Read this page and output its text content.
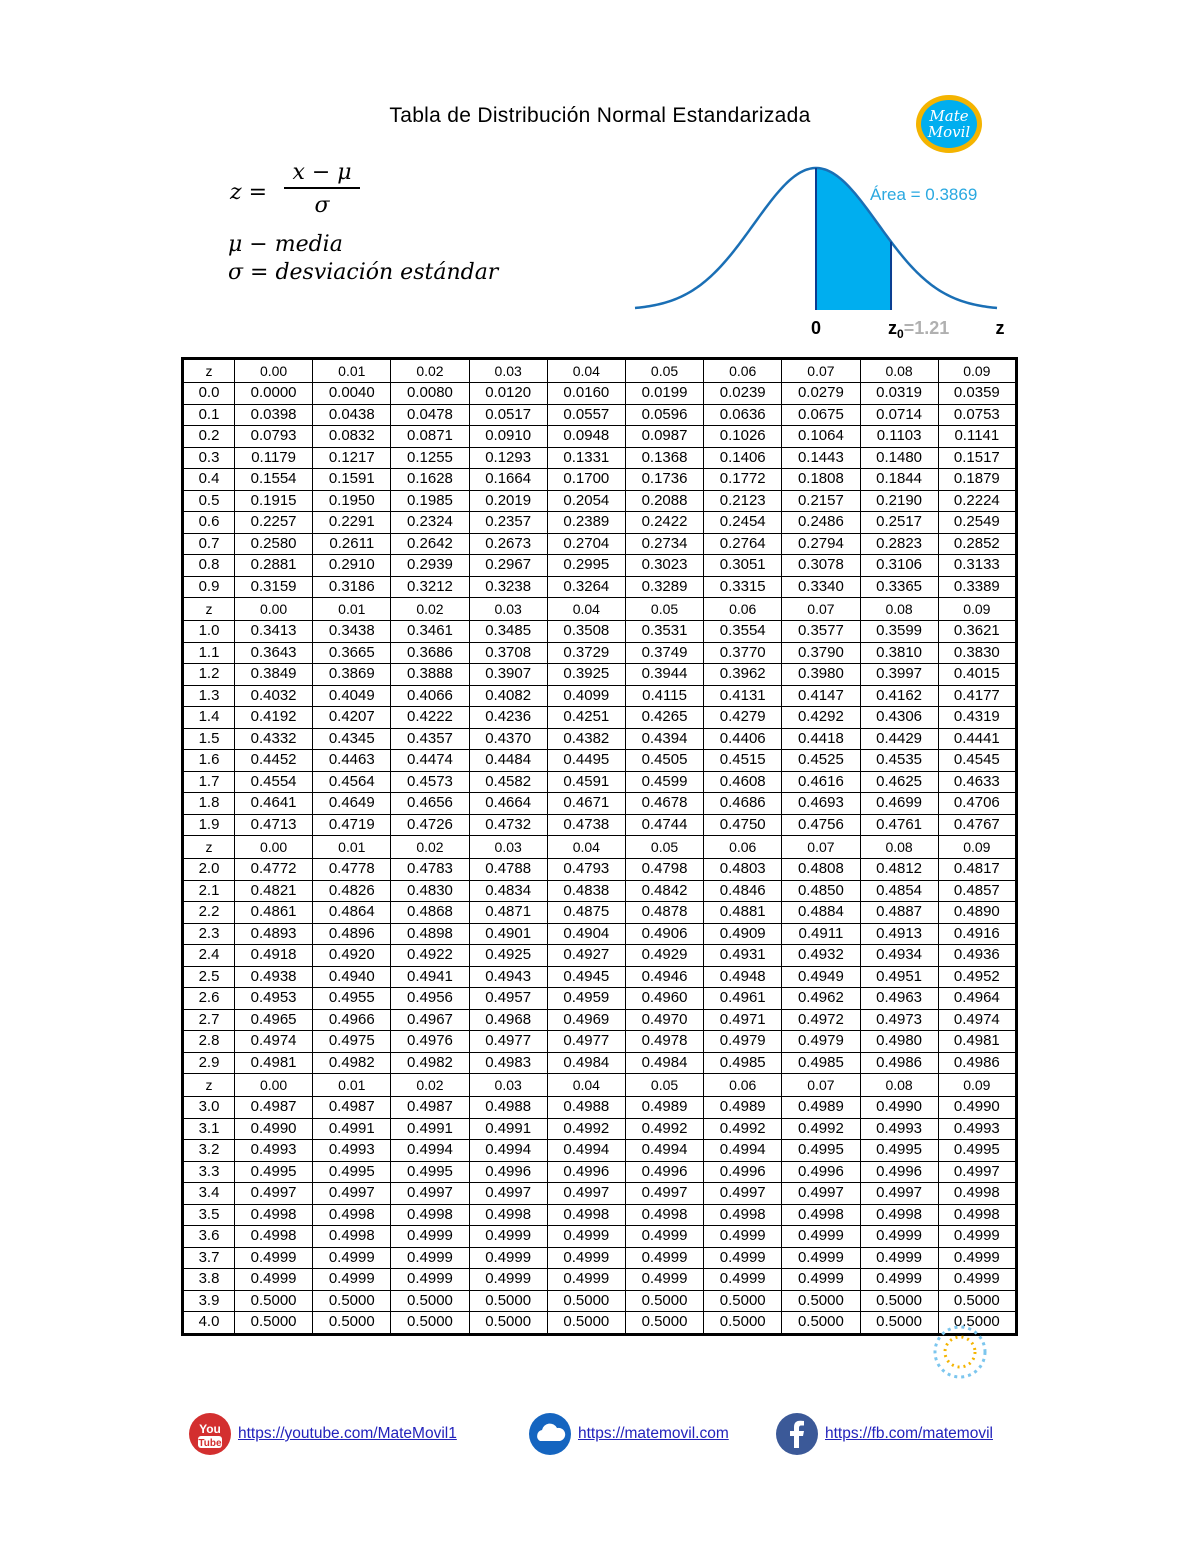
Tabla de Distribución Normal Estandarizada	Mate
Movil
z =
x − μ
σ
μ − media
σ = desviación estándar
Área = 0.3869
0	$z_0=1.21$	z
z	0.00	0.01	0.02	0.03	0.04	0.05	0.06	0.07	0.08	0.09
0.0	0.0000	0.0040	0.0080	0.0120	0.0160	0.0199	0.0239	0.0279	0.0319	0.0359
0.1	0.0398	0.0438	0.0478	0.0517	0.0557	0.0596	0.0636	0.0675	0.0714	0.0753
0.2	0.0793	0.0832	0.0871	0.0910	0.0948	0.0987	0.1026	0.1064	0.1103	0.1141
0.3	0.1179	0.1217	0.1255	0.1293	0.1331	0.1368	0.1406	0.1443	0.1480	0.1517
0.4	0.1554	0.1591	0.1628	0.1664	0.1700	0.1736	0.1772	0.1808	0.1844	0.1879
0.5	0.1915	0.1950	0.1985	0.2019	0.2054	0.2088	0.2123	0.2157	0.2190	0.2224
0.6	0.2257	0.2291	0.2324	0.2357	0.2389	0.2422	0.2454	0.2486	0.2517	0.2549
0.7	0.2580	0.2611	0.2642	0.2673	0.2704	0.2734	0.2764	0.2794	0.2823	0.2852
0.8	0.2881	0.2910	0.2939	0.2967	0.2995	0.3023	0.3051	0.3078	0.3106	0.3133
0.9	0.3159	0.3186	0.3212	0.3238	0.3264	0.3289	0.3315	0.3340	0.3365	0.3389
z	0.00	0.01	0.02	0.03	0.04	0.05	0.06	0.07	0.08	0.09
1.0	0.3413	0.3438	0.3461	0.3485	0.3508	0.3531	0.3554	0.3577	0.3599	0.3621
1.1	0.3643	0.3665	0.3686	0.3708	0.3729	0.3749	0.3770	0.3790	0.3810	0.3830
1.2	0.3849	0.3869	0.3888	0.3907	0.3925	0.3944	0.3962	0.3980	0.3997	0.4015
1.3	0.4032	0.4049	0.4066	0.4082	0.4099	0.4115	0.4131	0.4147	0.4162	0.4177
1.4	0.4192	0.4207	0.4222	0.4236	0.4251	0.4265	0.4279	0.4292	0.4306	0.4319
1.5	0.4332	0.4345	0.4357	0.4370	0.4382	0.4394	0.4406	0.4418	0.4429	0.4441
1.6	0.4452	0.4463	0.4474	0.4484	0.4495	0.4505	0.4515	0.4525	0.4535	0.4545
1.7	0.4554	0.4564	0.4573	0.4582	0.4591	0.4599	0.4608	0.4616	0.4625	0.4633
1.8	0.4641	0.4649	0.4656	0.4664	0.4671	0.4678	0.4686	0.4693	0.4699	0.4706
1.9	0.4713	0.4719	0.4726	0.4732	0.4738	0.4744	0.4750	0.4756	0.4761	0.4767
z	0.00	0.01	0.02	0.03	0.04	0.05	0.06	0.07	0.08	0.09
2.0	0.4772	0.4778	0.4783	0.4788	0.4793	0.4798	0.4803	0.4808	0.4812	0.4817
2.1	0.4821	0.4826	0.4830	0.4834	0.4838	0.4842	0.4846	0.4850	0.4854	0.4857
2.2	0.4861	0.4864	0.4868	0.4871	0.4875	0.4878	0.4881	0.4884	0.4887	0.4890
2.3	0.4893	0.4896	0.4898	0.4901	0.4904	0.4906	0.4909	0.4911	0.4913	0.4916
2.4	0.4918	0.4920	0.4922	0.4925	0.4927	0.4929	0.4931	0.4932	0.4934	0.4936
2.5	0.4938	0.4940	0.4941	0.4943	0.4945	0.4946	0.4948	0.4949	0.4951	0.4952
2.6	0.4953	0.4955	0.4956	0.4957	0.4959	0.4960	0.4961	0.4962	0.4963	0.4964
2.7	0.4965	0.4966	0.4967	0.4968	0.4969	0.4970	0.4971	0.4972	0.4973	0.4974
2.8	0.4974	0.4975	0.4976	0.4977	0.4977	0.4978	0.4979	0.4979	0.4980	0.4981
2.9	0.4981	0.4982	0.4982	0.4983	0.4984	0.4984	0.4985	0.4985	0.4986	0.4986
z	0.00	0.01	0.02	0.03	0.04	0.05	0.06	0.07	0.08	0.09
3.0	0.4987	0.4987	0.4987	0.4988	0.4988	0.4989	0.4989	0.4989	0.4990	0.4990
3.1	0.4990	0.4991	0.4991	0.4991	0.4992	0.4992	0.4992	0.4992	0.4993	0.4993
3.2	0.4993	0.4993	0.4994	0.4994	0.4994	0.4994	0.4994	0.4995	0.4995	0.4995
3.3	0.4995	0.4995	0.4995	0.4996	0.4996	0.4996	0.4996	0.4996	0.4996	0.4997
3.4	0.4997	0.4997	0.4997	0.4997	0.4997	0.4997	0.4997	0.4997	0.4997	0.4998
3.5	0.4998	0.4998	0.4998	0.4998	0.4998	0.4998	0.4998	0.4998	0.4998	0.4998
3.6	0.4998	0.4998	0.4999	0.4999	0.4999	0.4999	0.4999	0.4999	0.4999	0.4999
3.7	0.4999	0.4999	0.4999	0.4999	0.4999	0.4999	0.4999	0.4999	0.4999	0.4999
3.8	0.4999	0.4999	0.4999	0.4999	0.4999	0.4999	0.4999	0.4999	0.4999	0.4999
3.9	0.5000	0.5000	0.5000	0.5000	0.5000	0.5000	0.5000	0.5000	0.5000	0.5000
4.0	0.5000	0.5000	0.5000	0.5000	0.5000	0.5000	0.5000	0.5000	0.5000	0.5000
You
Tube
https://youtube.com/MateMovil1	https://matemovil.com	https://fb.com/matemovil
